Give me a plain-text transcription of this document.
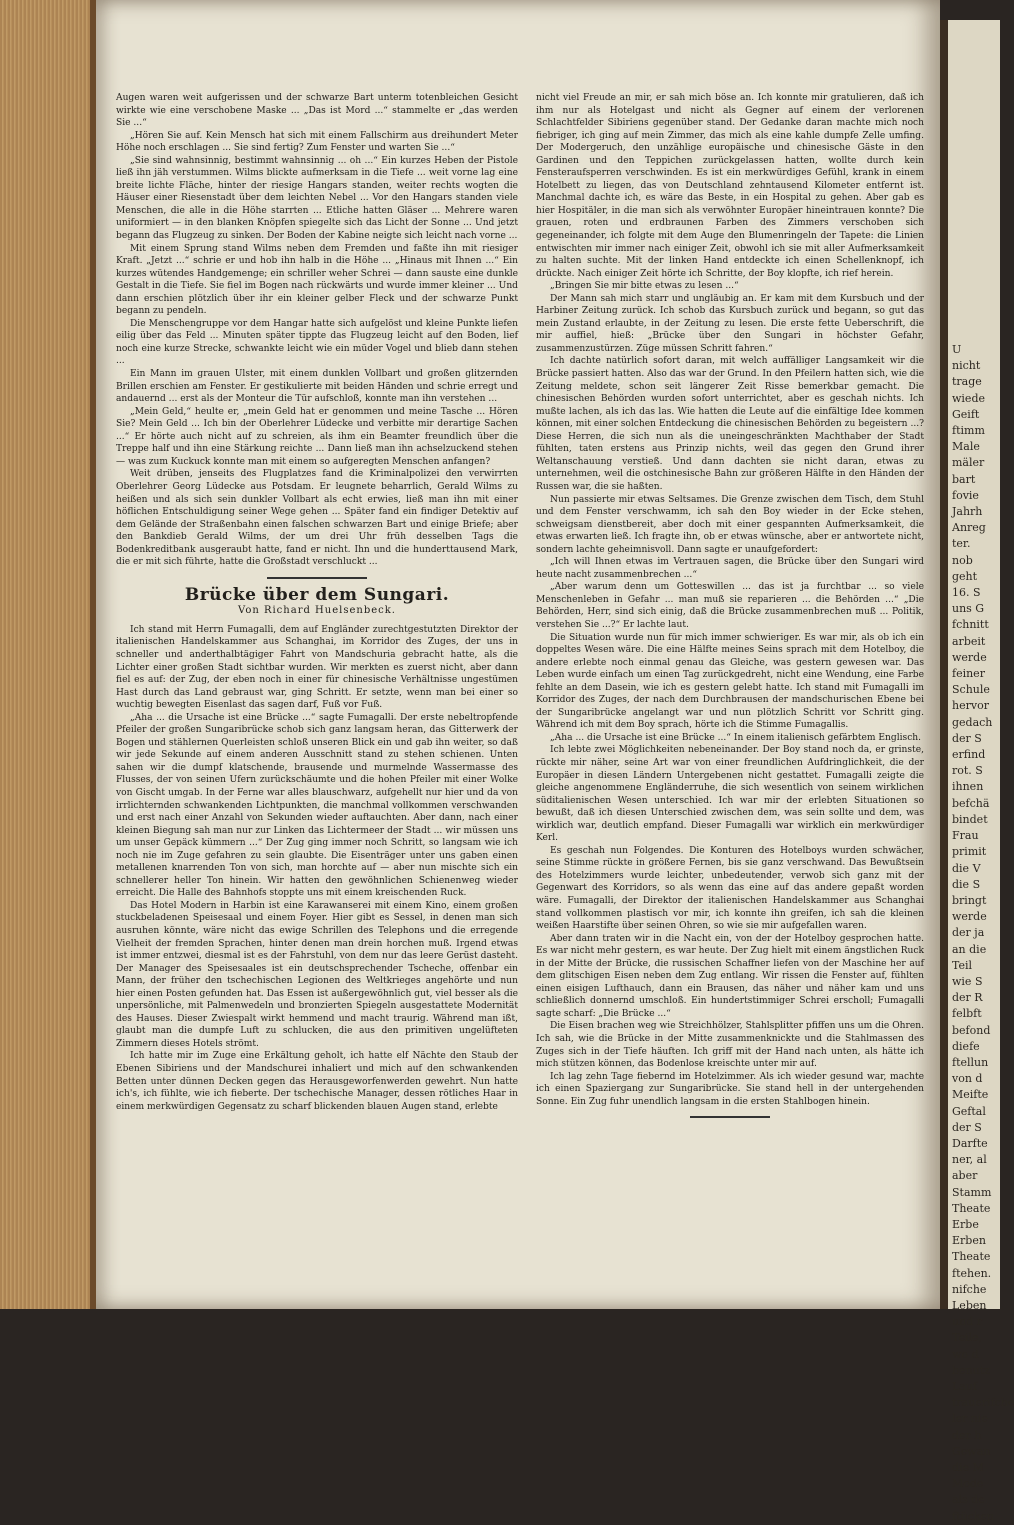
Augen waren weit aufgerissen und der schwarze Bart unterm totenbleichen Gesicht wirkte wie eine verschobene Maske ... „Das ist Mord ...“ stammelte er „das werden Sie ...“

„Hören Sie auf. Kein Mensch hat sich mit einem Fallschirm aus dreihundert Meter Höhe noch erschlagen ... Sie sind fertig? Zum Fenster und warten Sie ...“

„Sie sind wahnsinnig, bestimmt wahnsinnig ... oh ...“ Ein kurzes Heben der Pistole ließ ihn jäh verstummen. Wilms blickte aufmerksam in die Tiefe ... weit vorne lag eine breite lichte Fläche, hinter der riesige Hangars standen, weiter rechts wogten die Häuser einer Riesenstadt über dem leichten Nebel ... Vor den Hangars standen viele Menschen, die alle in die Höhe starrten ... Etliche hatten Gläser ... Mehrere waren uniformiert — in den blanken Knöpfen spiegelte sich das Licht der Sonne ... Und jetzt begann das Flugzeug zu sinken. Der Boden der Kabine neigte sich leicht nach vorne ...

Mit einem Sprung stand Wilms neben dem Fremden und faßte ihn mit riesiger Kraft. „Jetzt ...“ schrie er und hob ihn halb in die Höhe ... „Hinaus mit Ihnen ...“ Ein kurzes wütendes Handgemenge; ein schriller weher Schrei — dann sauste eine dunkle Gestalt in die Tiefe. Sie fiel im Bogen nach rückwärts und wurde immer kleiner ... Und dann erschien plötzlich über ihr ein kleiner gelber Fleck und der schwarze Punkt begann zu pendeln.

Die Menschengruppe vor dem Hangar hatte sich aufgelöst und kleine Punkte liefen eilig über das Feld ... Minuten später tippte das Flugzeug leicht auf den Boden, lief noch eine kurze Strecke, schwankte leicht wie ein müder Vogel und blieb dann stehen ...

Ein Mann im grauen Ulster, mit einem dunklen Vollbart und großen glitzernden Brillen erschien am Fenster. Er gestikulierte mit beiden Händen und schrie erregt und andauernd ... erst als der Monteur die Tür aufschloß, konnte man ihn verstehen ...

„Mein Geld,“ heulte er, „mein Geld hat er genommen und meine Tasche ... Hören Sie? Mein Geld ... Ich bin der Oberlehrer Lüdecke und verbitte mir derartige Sachen ...“ Er hörte auch nicht auf zu schreien, als ihm ein Beamter freundlich über die Treppe half und ihn eine Stärkung reichte ... Dann ließ man ihn achselzuckend stehen — was zum Kuckuck konnte man mit einem so aufgeregten Menschen anfangen?

Weit drüben, jenseits des Flugplatzes fand die Kriminalpolizei den verwirrten Oberlehrer Georg Lüdecke aus Potsdam. Er leugnete beharrlich, Gerald Wilms zu heißen und als sich sein dunkler Vollbart als echt erwies, ließ man ihn mit einer höflichen Entschuldigung seiner Wege gehen ... Später fand ein findiger Detektiv auf dem Gelände der Straßenbahn einen falschen schwarzen Bart und einige Briefe; aber den Bankdieb Gerald Wilms, der um drei Uhr früh desselben Tags die Bodenkreditbank ausgeraubt hatte, fand er nicht. Ihn und die hunderttausend Mark, die er mit sich führte, hatte die Großstadt verschluckt ...

Brücke über dem Sungari.
Von Richard Huelsenbeck.

Ich stand mit Herrn Fumagalli, dem auf Engländer zurechtgestutzten Direktor der italienischen Handelskammer aus Schanghai, im Korridor des Zuges, der uns in schneller und anderthalbtägiger Fahrt von Mandschuria gebracht hatte, als die Lichter einer großen Stadt sichtbar wurden. Wir merkten es zuerst nicht, aber dann fiel es auf: der Zug, der eben noch in einer für chinesische Verhältnisse ungestümen Hast durch das Land gebraust war, ging Schritt. Er setzte, wenn man bei einer so wuchtig bewegten Eisenlast das sagen darf, Fuß vor Fuß.

„Aha ... die Ursache ist eine Brücke ...“ sagte Fumagalli. Der erste nebeltropfende Pfeiler der großen Sungaribrücke schob sich ganz langsam heran, das Gitterwerk der Bogen und stählernen Querleisten schloß unseren Blick ein und gab ihn weiter, so daß wir jede Sekunde auf einem anderen Ausschnitt stand zu stehen schienen. Unten sahen wir die dumpf klatschende, brausende und murmelnde Wassermasse des Flusses, der von seinen Ufern zurückschäumte und die hohen Pfeiler mit einer Wolke von Gischt umgab. In der Ferne war alles blauschwarz, aufgehellt nur hier und da von irrlichternden schwankenden Lichtpunkten, die manchmal vollkommen verschwanden und erst nach einer Anzahl von Sekunden wieder auftauchten. Aber dann, nach einer kleinen Biegung sah man nur zur Linken das Lichtermeer der Stadt ... wir müssen uns um unser Gepäck kümmern ...“ Der Zug ging immer noch Schritt, so langsam wie ich noch nie im Zuge gefahren zu sein glaubte. Die Eisenträger unter uns gaben einen metallenen knarrenden Ton von sich, man horchte auf — aber nun mischte sich ein schnellerer heller Ton hinein. Wir hatten den gewöhnlichen Schienenweg wieder erreicht. Die Halle des Bahnhofs stoppte uns mit einem kreischenden Ruck.

Das Hotel Modern in Harbin ist eine Karawanserei mit einem Kino, einem großen stuckbeladenen Speisesaal und einem Foyer. Hier gibt es Sessel, in denen man sich ausruhen könnte, wäre nicht das ewige Schrillen des Telephons und die erregende Vielheit der fremden Sprachen, hinter denen man drein horchen muß. Irgend etwas ist immer entzwei, diesmal ist es der Fahrstuhl, von dem nur das leere Gerüst dasteht. Der Manager des Speisesaales ist ein deutschsprechender Tscheche, offenbar ein Mann, der früher den tschechischen Legionen des Weltkrieges angehörte und nun hier einen Posten gefunden hat. Das Essen ist außergewöhnlich gut, viel besser als die unpersönliche, mit Palmenwedeln und bronzierten Spiegeln ausgestattete Modernität des Hauses. Dieser Zwiespalt wirkt hemmend und macht traurig. Während man ißt, glaubt man die dumpfe Luft zu schlucken, die aus den primitiven ungelüfteten Zimmern dieses Hotels strömt.

Ich hatte mir im Zuge eine Erkältung geholt, ich hatte elf Nächte den Staub der Ebenen Sibiriens und der Mandschurei inhaliert und mich auf den schwankenden Betten unter dünnen Decken gegen das Herausgeworfenwerden gewehrt. Nun hatte ich's, ich fühlte, wie ich fieberte. Der tschechische Manager, dessen rötliches Haar in einem merkwürdigen Gegensatz zu scharf blickenden blauen Augen stand, erlebte

nicht viel Freude an mir, er sah mich böse an. Ich konnte mir gratulieren, daß ich ihm nur als Hotelgast und nicht als Gegner auf einem der verlorenen Schlachtfelder Sibiriens gegenüber stand. Der Gedanke daran machte mich noch fiebriger, ich ging auf mein Zimmer, das mich als eine kahle dumpfe Zelle umfing. Der Modergeruch, den unzählige europäische und chinesische Gäste in den Gardinen und den Teppichen zurückgelassen hatten, wollte durch kein Fensteraufsperren verschwinden. Es ist ein merkwürdiges Gefühl, krank in einem Hotelbett zu liegen, das von Deutschland zehntausend Kilometer entfernt ist. Manchmal dachte ich, es wäre das Beste, in ein Hospital zu gehen. Aber gab es hier Hospitäler, in die man sich als verwöhnter Europäer hineintrauen konnte? Die grauen, roten und erdbraunen Farben des Zimmers verschoben sich gegeneinander, ich folgte mit dem Auge den Blumenringeln der Tapete: die Linien entwischten mir immer nach einiger Zeit, obwohl ich sie mit aller Aufmerksamkeit zu halten suchte. Mit der linken Hand entdeckte ich einen Schellenknopf, ich drückte. Nach einiger Zeit hörte ich Schritte, der Boy klopfte, ich rief herein.

„Bringen Sie mir bitte etwas zu lesen ...“

Der Mann sah mich starr und ungläubig an. Er kam mit dem Kursbuch und der Harbiner Zeitung zurück. Ich schob das Kursbuch zurück und begann, so gut das mein Zustand erlaubte, in der Zeitung zu lesen. Die erste fette Ueberschrift, die mir auffiel, hieß: „Brücke über den Sungari in höchster Gefahr, zusammenzustürzen. Züge müssen Schritt fahren.“

Ich dachte natürlich sofort daran, mit welch auffälliger Langsamkeit wir die Brücke passiert hatten. Also das war der Grund. In den Pfeilern hatten sich, wie die Zeitung meldete, schon seit längerer Zeit Risse bemerkbar gemacht. Die chinesischen Behörden wurden sofort unterrichtet, aber es geschah nichts. Ich mußte lachen, als ich das las. Wie hatten die Leute auf die einfältige Idee kommen können, mit einer solchen Entdeckung die chinesischen Behörden zu begeistern ...? Diese Herren, die sich nun als die uneingeschränkten Machthaber der Stadt fühlten, taten erstens aus Prinzip nichts, weil das gegen den Grund ihrer Weltanschauung verstieß. Und dann dachten sie nicht daran, etwas zu unternehmen, weil die ostchinesische Bahn zur größeren Hälfte in den Händen der Russen war, die sie haßten.

Nun passierte mir etwas Seltsames. Die Grenze zwischen dem Tisch, dem Stuhl und dem Fenster verschwamm, ich sah den Boy wieder in der Ecke stehen, schweigsam dienstbereit, aber doch mit einer gespannten Aufmerksamkeit, die etwas erwarten ließ. Ich fragte ihn, ob er etwas wünsche, aber er antwortete nicht, sondern lachte geheimnisvoll. Dann sagte er unaufgefordert:

„Ich will Ihnen etwas im Vertrauen sagen, die Brücke über den Sungari wird heute nacht zusammenbrechen ...“

„Aber warum denn um Gotteswillen ... das ist ja furchtbar ... so viele Menschenleben in Gefahr ... man muß sie reparieren ... die Behörden ...“ „Die Behörden, Herr, sind sich einig, daß die Brücke zusammenbrechen muß ... Politik, verstehen Sie ...?“ Er lachte laut.

Die Situation wurde nun für mich immer schwieriger. Es war mir, als ob ich ein doppeltes Wesen wäre. Die eine Hälfte meines Seins sprach mit dem Hotelboy, die andere erlebte noch einmal genau das Gleiche, was gestern gewesen war. Das Leben wurde einfach um einen Tag zurückgedreht, nicht eine Wendung, eine Farbe fehlte an dem Dasein, wie ich es gestern gelebt hatte. Ich stand mit Fumagalli im Korridor des Zuges, der nach dem Durchbrausen der mandschurischen Ebene bei der Sungaribrücke angelangt war und nun plötzlich Schritt vor Schritt ging. Während ich mit dem Boy sprach, hörte ich die Stimme Fumagallis.

„Aha ... die Ursache ist eine Brücke ...“ In einem italienisch gefärbtem Englisch.

Ich lebte zwei Möglichkeiten nebeneinander. Der Boy stand noch da, er grinste, rückte mir näher, seine Art war von einer freundlichen Aufdringlichkeit, die der Europäer in diesen Ländern Untergebenen nicht gestattet. Fumagalli zeigte die gleiche angenommene Engländerruhe, die sich wesentlich von seinem wirklichen süditalienischen Wesen unterschied. Ich war mir der erlebten Situationen so bewußt, daß ich diesen Unterschied zwischen dem, was sein sollte und dem, was wirklich war, deutlich empfand. Dieser Fumagalli war wirklich ein merkwürdiger Kerl.

Es geschah nun Folgendes. Die Konturen des Hotelboys wurden schwächer, seine Stimme rückte in größere Fernen, bis sie ganz verschwand. Das Bewußtsein des Hotelzimmers wurde leichter, unbedeutender, verwob sich ganz mit der Gegenwart des Korridors, so als wenn das eine auf das andere gepaßt worden wäre. Fumagalli, der Direktor der italienischen Handelskammer aus Schanghai stand vollkommen plastisch vor mir, ich konnte ihn greifen, ich sah die kleinen weißen Haarstifte über seinen Ohren, so wie sie mir aufgefallen waren.

Aber dann traten wir in die Nacht ein, von der der Hotelboy gesprochen hatte. Es war nicht mehr gestern, es war heute. Der Zug hielt mit einem ängstlichen Ruck in der Mitte der Brücke, die russischen Schaffner liefen von der Maschine her auf dem glitschigen Eisen neben dem Zug entlang. Wir rissen die Fenster auf, fühlten einen eisigen Lufthauch, dann ein Brausen, das näher und näher kam und uns schließlich donnernd umschloß. Ein hundertstimmiger Schrei erscholl; Fumagalli sagte scharf: „Die Brücke ...“

Die Eisen brachen weg wie Streichhölzer, Stahlsplitter pfiffen uns um die Ohren. Ich sah, wie die Brücke in der Mitte zusammenknickte und die Stahlmassen des Zuges sich in der Tiefe häuften. Ich griff mit der Hand nach unten, als hätte ich mich stützen können, das Bodenlose kreischte unter mir auf.

Ich lag zehn Tage fiebernd im Hotelzimmer. Als ich wieder gesund war, machte ich einen Spaziergang zur Sungaribrücke. Sie stand hell in der untergehenden Sonne. Ein Zug fuhr unendlich langsam in die ersten Stahlbogen hinein.

U
nicht
trage
wiede
Geift
ftimm
Male
mäler
bart
fovie
Jahrh
Anreg
ter.
nob
geht
16. S
uns G
fchnitt
arbeit
werde
feiner
Schule
hervor
gedach
der S
erfind
rot. S
ihnen
befchä
bindet
Frau
primit
die V
die S
bringt
werde
der ja
an die
Teil
wie S
der R
felbft
befond
diefe
ftellun
von d
Meifte
Geftal
der S
Darfte
ner, al
aber
Stamm
Theate
Erbe
Erben
Theate
ftehen.
nifche
Leben
und r
Teile,
wo d
benutz
Lauf
trauerifche
ler nie
der h
Gewan
die M
Mode
als de
ftücken
